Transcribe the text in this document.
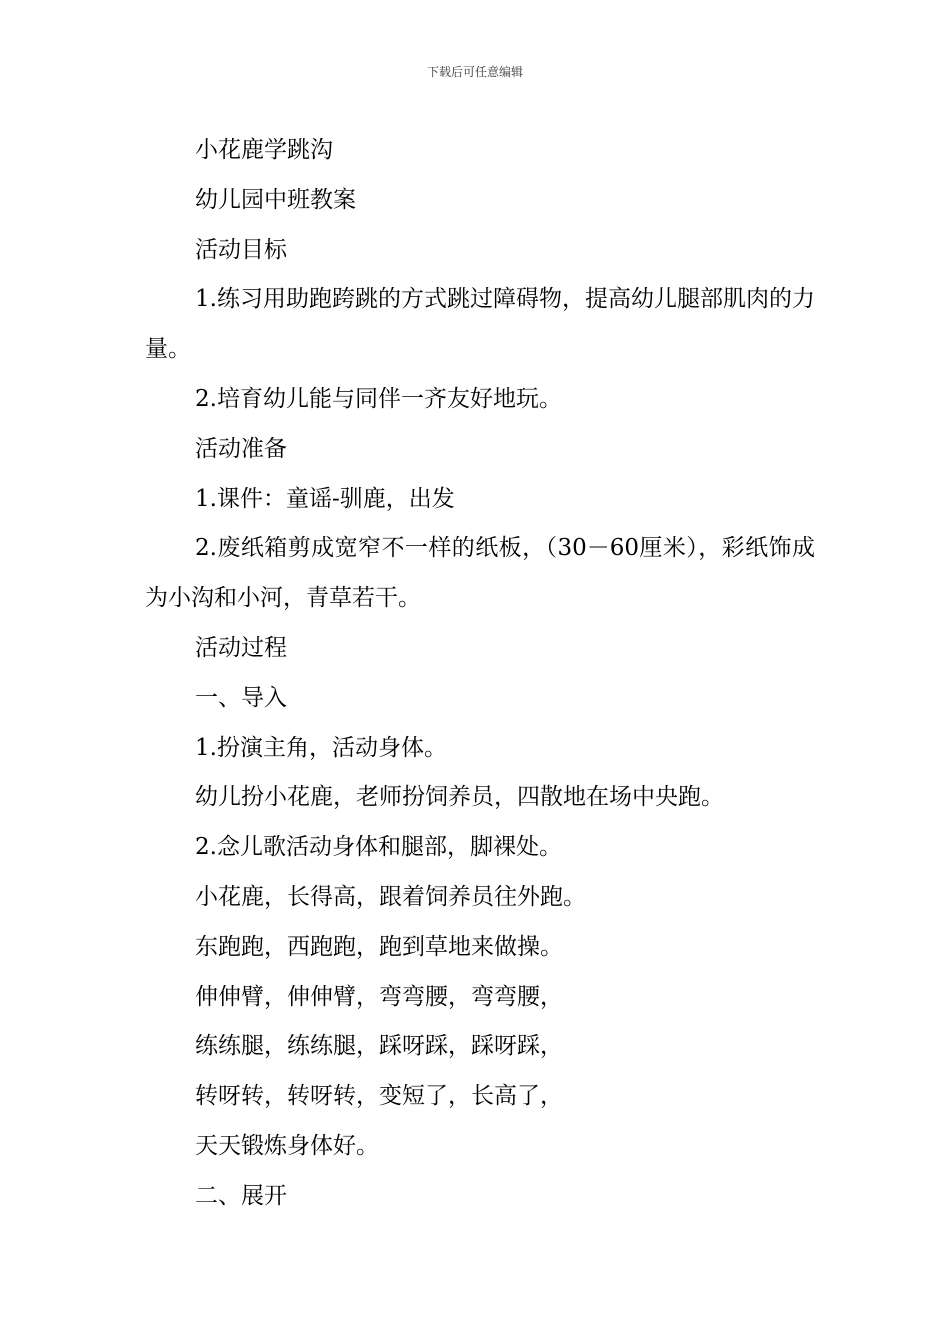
下载后可任意编辑

小花鹿学跳沟

幼儿园中班教案

活动目标

1.练习用助跑跨跳的方式跳过障碍物，提高幼儿腿部肌肉的力量。

2.培育幼儿能与同伴一齐友好地玩。

活动准备

1.课件：童谣-驯鹿，出发

2.废纸箱剪成宽窄不一样的纸板，（30－60厘米），彩纸饰成为小沟和小河，青草若干。

活动过程

一、导入

1.扮演主角，活动身体。

幼儿扮小花鹿，老师扮饲养员，四散地在场中央跑。

2.念儿歌活动身体和腿部，脚裸处。

小花鹿，长得高，跟着饲养员往外跑。

东跑跑，西跑跑，跑到草地来做操。

伸伸臂，伸伸臂，弯弯腰，弯弯腰，

练练腿，练练腿，踩呀踩，踩呀踩，

转呀转，转呀转，变短了，长高了，

天天锻炼身体好。

二、展开
